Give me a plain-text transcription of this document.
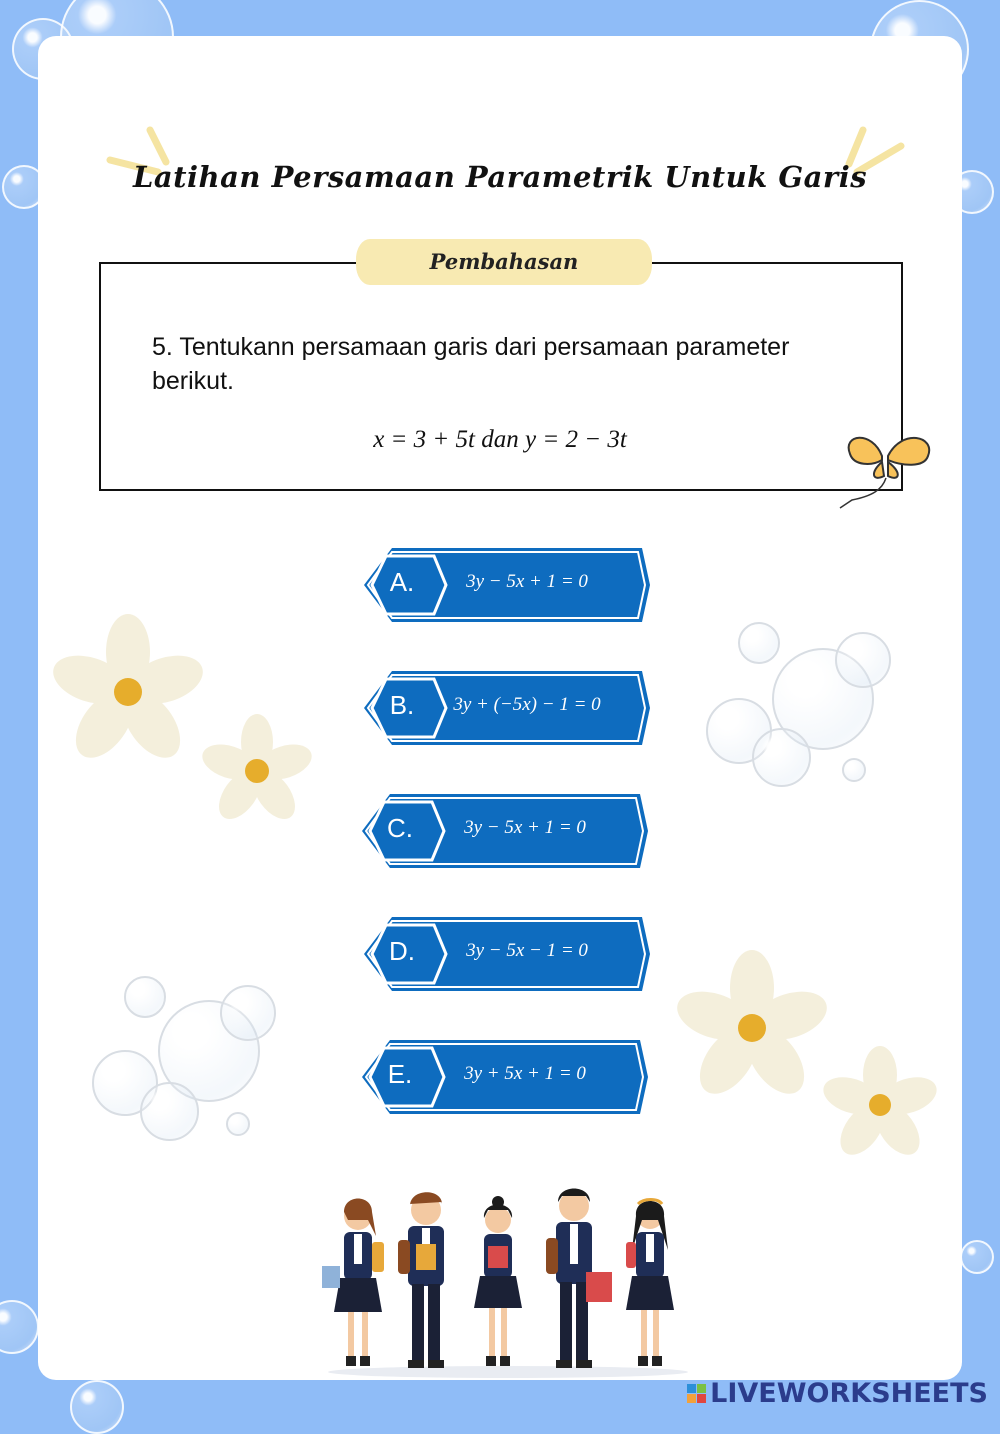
Latihan Persamaan Parametrik Untuk Garis
Pembahasan
5. Tentukann persamaan garis dari persamaan parameter berikut.
x = 3 + 5t dan y = 2 − 3t
A.	3y − 5x + 1 = 0
B.	3y + (−5x) − 1 = 0
C.	3y − 5x + 1 = 0
D.	3y − 5x − 1 = 0
E.	3y + 5x + 1 = 0
LIVEWORKSHEETS
